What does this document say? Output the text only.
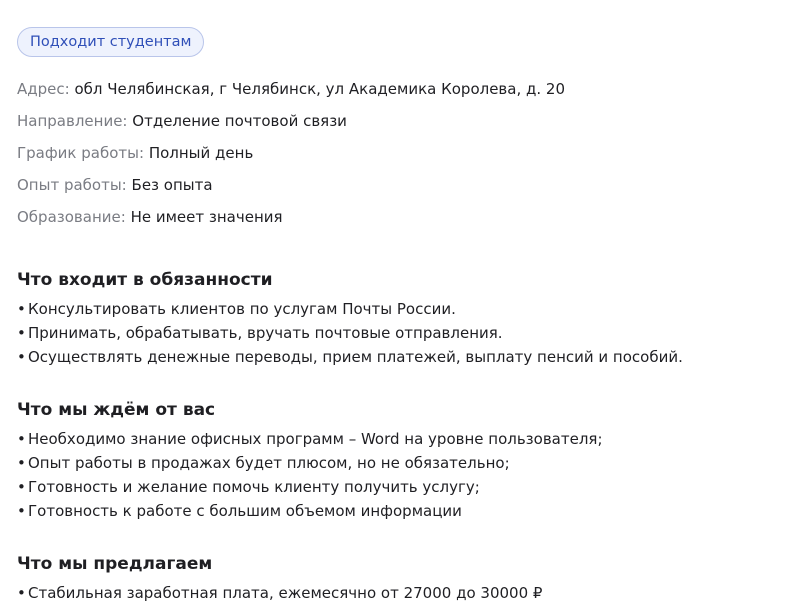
Подходит студентам
Адрес: обл Челябинская, г Челябинск, ул Академика Королева, д. 20
Направление: Отделение почтовой связи
График работы: Полный день
Опыт работы: Без опыта
Образование: Не имеет значения
Что входит в обязанности
• Консультировать клиентов по услугам Почты России.
• Принимать, обрабатывать, вручать почтовые отправления.
• Осуществлять денежные переводы, прием платежей, выплату пенсий и пособий.
Что мы ждём от вас
• Необходимо знание офисных программ – Word на уровне пользователя;
• Опыт работы в продажах будет плюсом, но не обязательно;
• Готовность и желание помочь клиенту получить услугу;
• Готовность к работе с большим объемом информации
Что мы предлагаем
• Стабильная заработная плата, ежемесячно от 27000 до 30000 ₽
